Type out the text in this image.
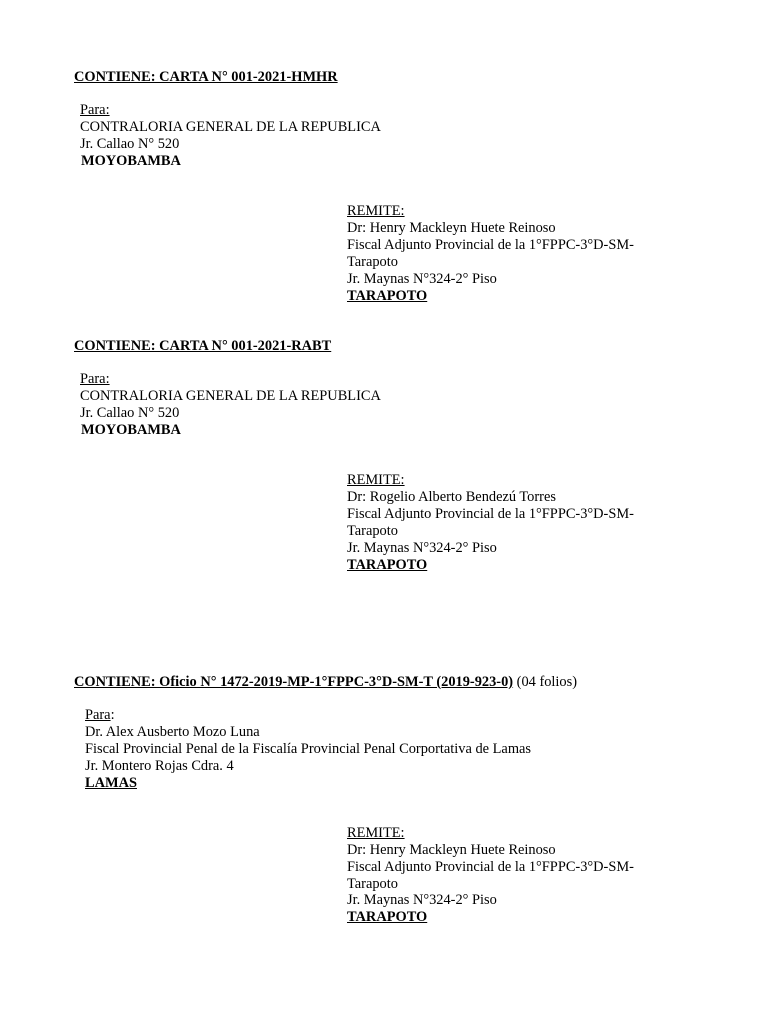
CONTIENE: CARTA N° 001-2021-HMHR
Para:
CONTRALORIA GENERAL DE LA REPUBLICA
Jr. Callao N° 520
MOYOBAMBA
REMITE:
Dr: Henry Mackleyn Huete Reinoso
Fiscal Adjunto Provincial de la 1°FPPC-3°D-SM-
Tarapoto
Jr. Maynas N°324-2° Piso
TARAPOTO
CONTIENE: CARTA N° 001-2021-RABT
Para:
CONTRALORIA GENERAL DE LA REPUBLICA
Jr. Callao N° 520
MOYOBAMBA
REMITE:
Dr: Rogelio Alberto Bendezú Torres
Fiscal Adjunto Provincial de la 1°FPPC-3°D-SM-
Tarapoto
Jr. Maynas N°324-2° Piso
TARAPOTO
CONTIENE: Oficio N° 1472-2019-MP-1°FPPC-3°D-SM-T (2019-923-0) (04 folios)
Para:
Dr. Alex Ausberto Mozo Luna
Fiscal Provincial Penal de la Fiscalía Provincial Penal Corportativa de Lamas
Jr. Montero Rojas Cdra. 4
LAMAS
REMITE:
Dr: Henry Mackleyn Huete Reinoso
Fiscal Adjunto Provincial de la 1°FPPC-3°D-SM-
Tarapoto
Jr. Maynas N°324-2° Piso
TARAPOTO
